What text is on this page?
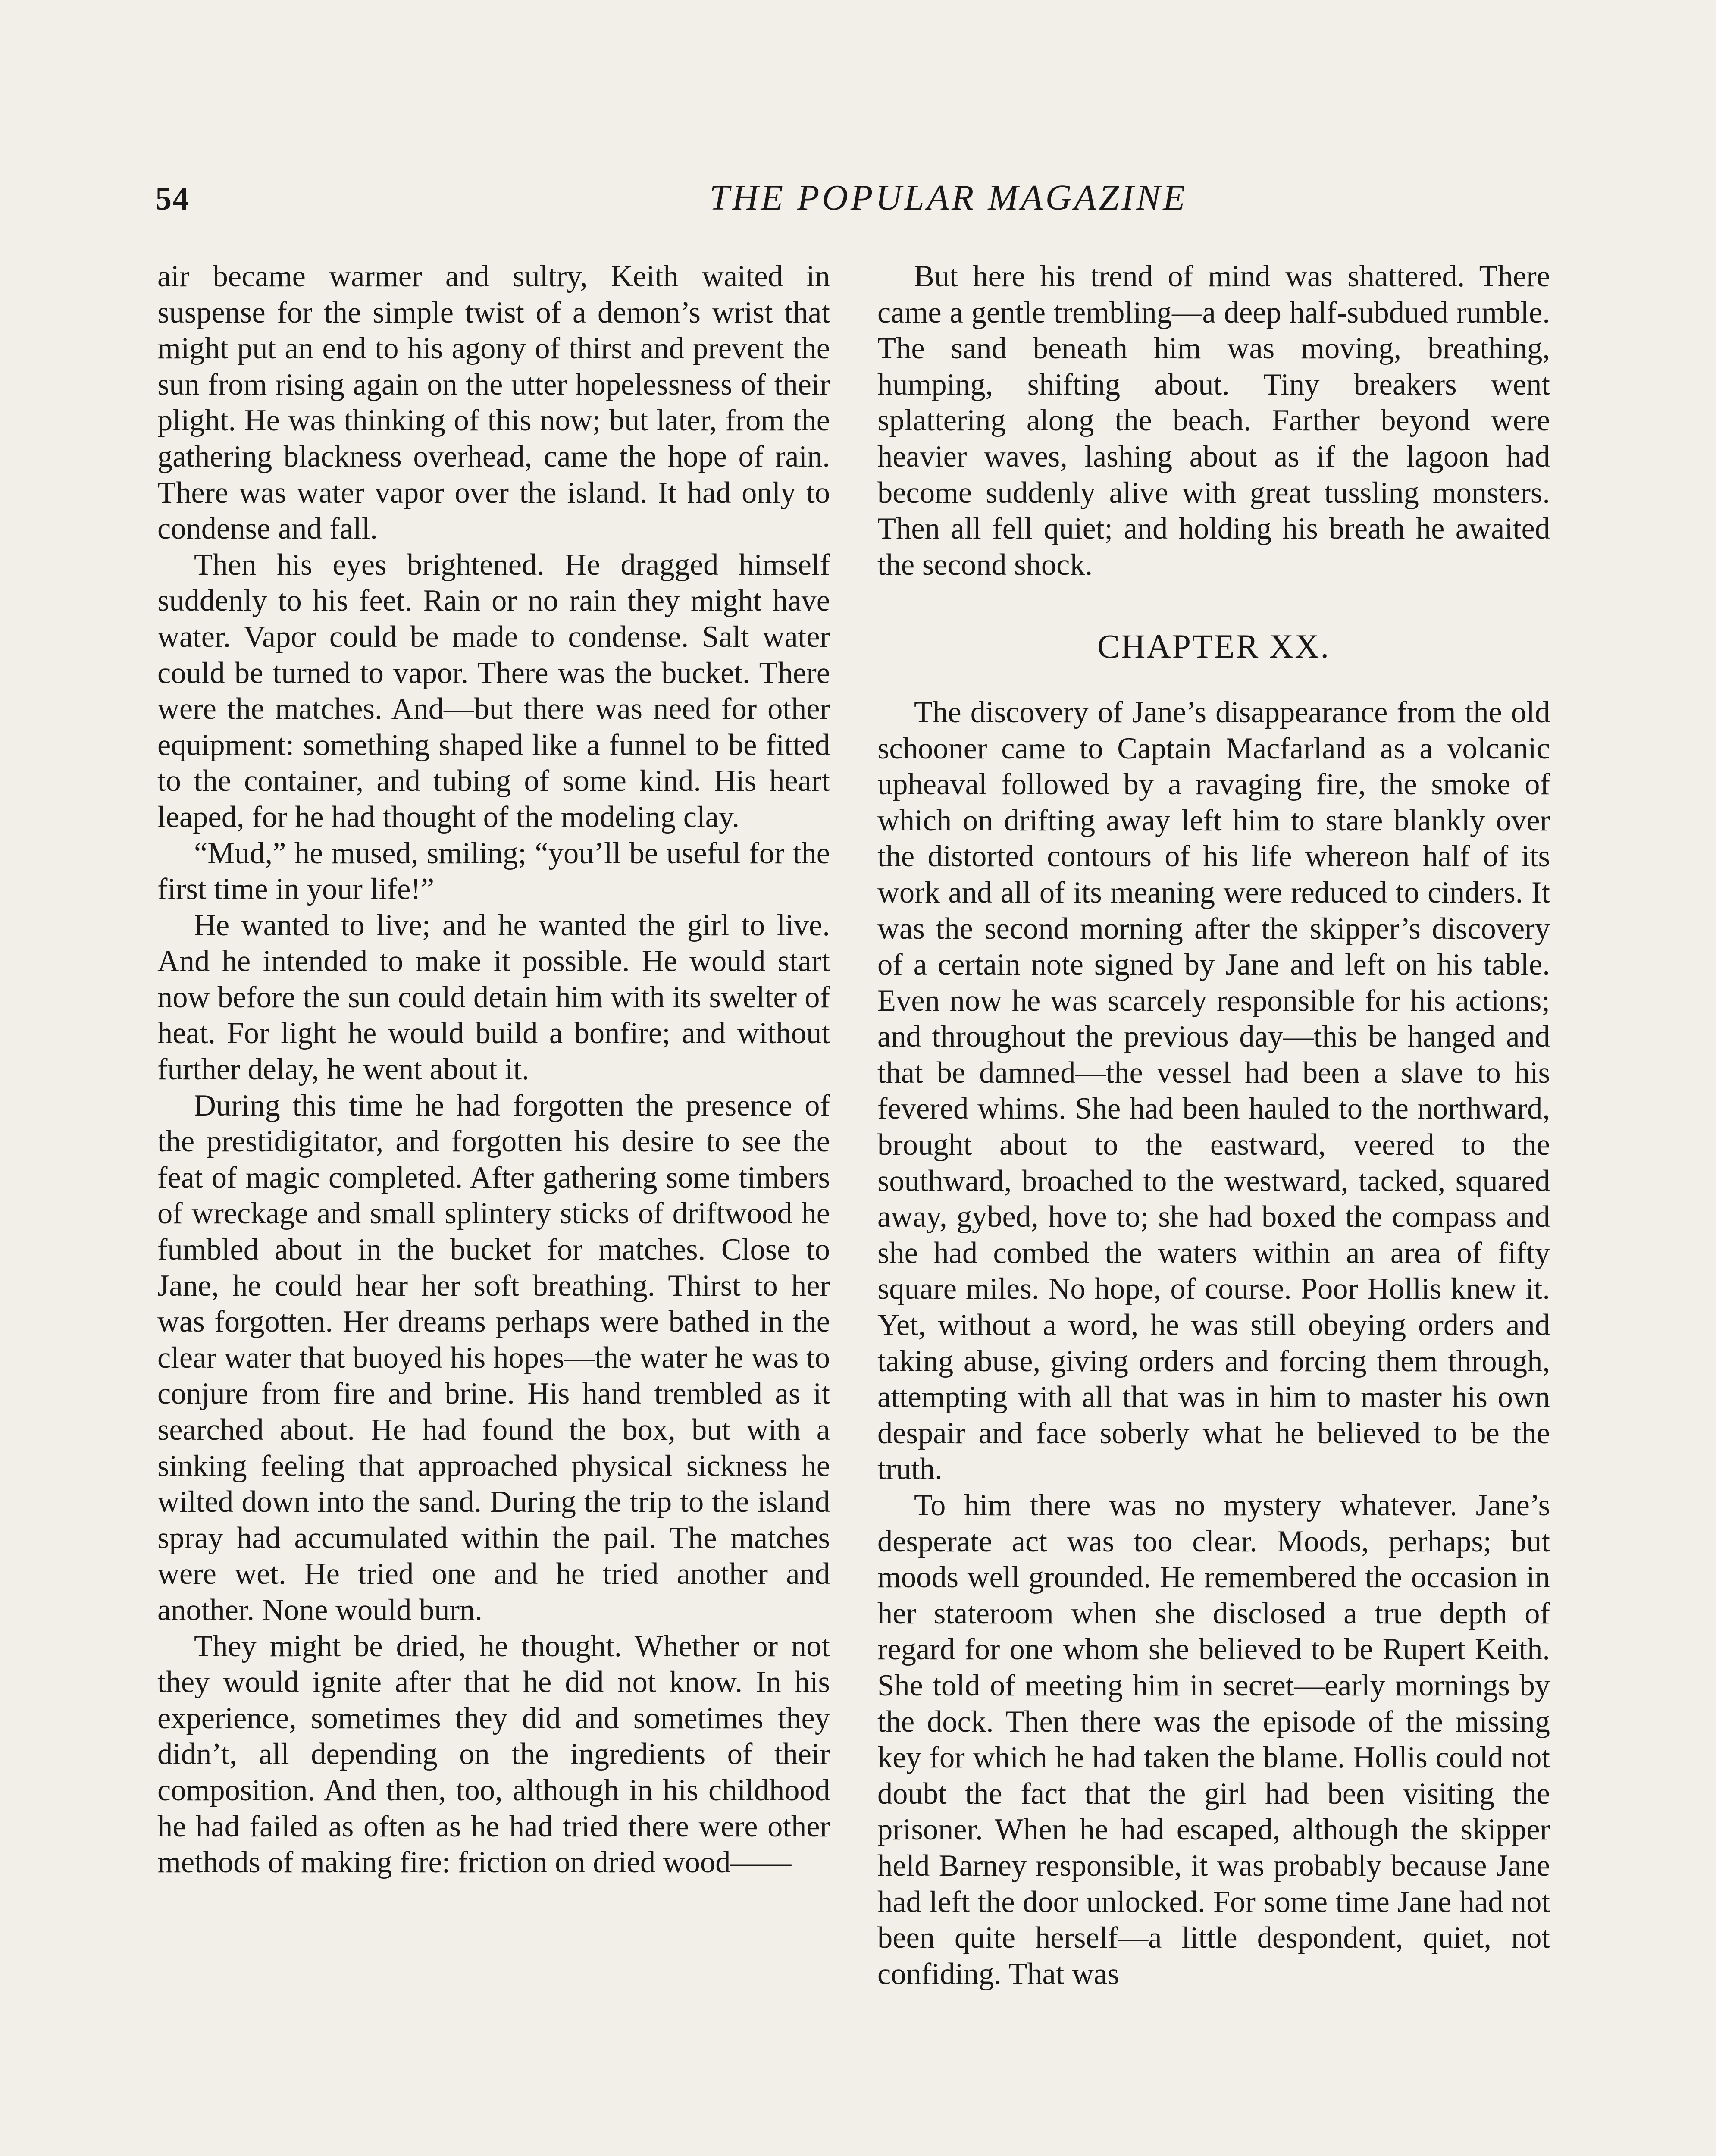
54	THE POPULAR MAGAZINE

air became warmer and sultry, Keith waited in suspense for the simple twist of a demon’s wrist that might put an end to his agony of thirst and prevent the sun from rising again on the utter hopelessness of their plight. He was thinking of this now; but later, from the gathering blackness overhead, came the hope of rain. There was water vapor over the island. It had only to condense and fall.

Then his eyes brightened. He dragged himself suddenly to his feet. Rain or no rain they might have water. Vapor could be made to condense. Salt water could be turned to vapor. There was the bucket. There were the matches. And—but there was need for other equipment: something shaped like a funnel to be fitted to the container, and tubing of some kind. His heart leaped, for he had thought of the modeling clay.

“Mud,” he mused, smiling; “you’ll be useful for the first time in your life!”

He wanted to live; and he wanted the girl to live. And he intended to make it possible. He would start now before the sun could detain him with its swelter of heat. For light he would build a bonfire; and without further delay, he went about it.

During this time he had forgotten the presence of the prestidigitator, and forgotten his desire to see the feat of magic completed. After gathering some timbers of wreckage and small splintery sticks of driftwood he fumbled about in the bucket for matches. Close to Jane, he could hear her soft breathing. Thirst to her was forgotten. Her dreams perhaps were bathed in the clear water that buoyed his hopes—the water he was to conjure from fire and brine. His hand trembled as it searched about. He had found the box, but with a sinking feeling that approached physical sickness he wilted down into the sand. During the trip to the island spray had accumulated within the pail. The matches were wet. He tried one and he tried another and another. None would burn.

They might be dried, he thought. Whether or not they would ignite after that he did not know. In his experience, sometimes they did and sometimes they didn’t, all depending on the ingredients of their composition. And then, too, although in his childhood he had failed as often as he had tried there were other methods of making fire: friction on dried wood——

But here his trend of mind was shattered. There came a gentle trembling—a deep half-subdued rumble. The sand beneath him was moving, breathing, humping, shifting about. Tiny breakers went splattering along the beach. Farther beyond were heavier waves, lashing about as if the lagoon had become suddenly alive with great tussling monsters. Then all fell quiet; and holding his breath he awaited the second shock.

CHAPTER XX.

The discovery of Jane’s disappearance from the old schooner came to Captain Macfarland as a volcanic upheaval followed by a ravaging fire, the smoke of which on drifting away left him to stare blankly over the distorted contours of his life whereon half of its work and all of its meaning were reduced to cinders. It was the second morning after the skipper’s discovery of a certain note signed by Jane and left on his table. Even now he was scarcely responsible for his actions; and throughout the previous day—this be hanged and that be damned—the vessel had been a slave to his fevered whims. She had been hauled to the northward, brought about to the eastward, veered to the southward, broached to the westward, tacked, squared away, gybed, hove to; she had boxed the compass and she had combed the waters within an area of fifty square miles. No hope, of course. Poor Hollis knew it. Yet, without a word, he was still obeying orders and taking abuse, giving orders and forcing them through, attempting with all that was in him to master his own despair and face soberly what he believed to be the truth.

To him there was no mystery whatever. Jane’s desperate act was too clear. Moods, perhaps; but moods well grounded. He remembered the occasion in her stateroom when she disclosed a true depth of regard for one whom she believed to be Rupert Keith. She told of meeting him in secret—early mornings by the dock. Then there was the episode of the missing key for which he had taken the blame. Hollis could not doubt the fact that the girl had been visiting the prisoner. When he had escaped, although the skipper held Barney responsible, it was probably because Jane had left the door unlocked. For some time Jane had not been quite herself—a little despondent, quiet, not confiding. That was
